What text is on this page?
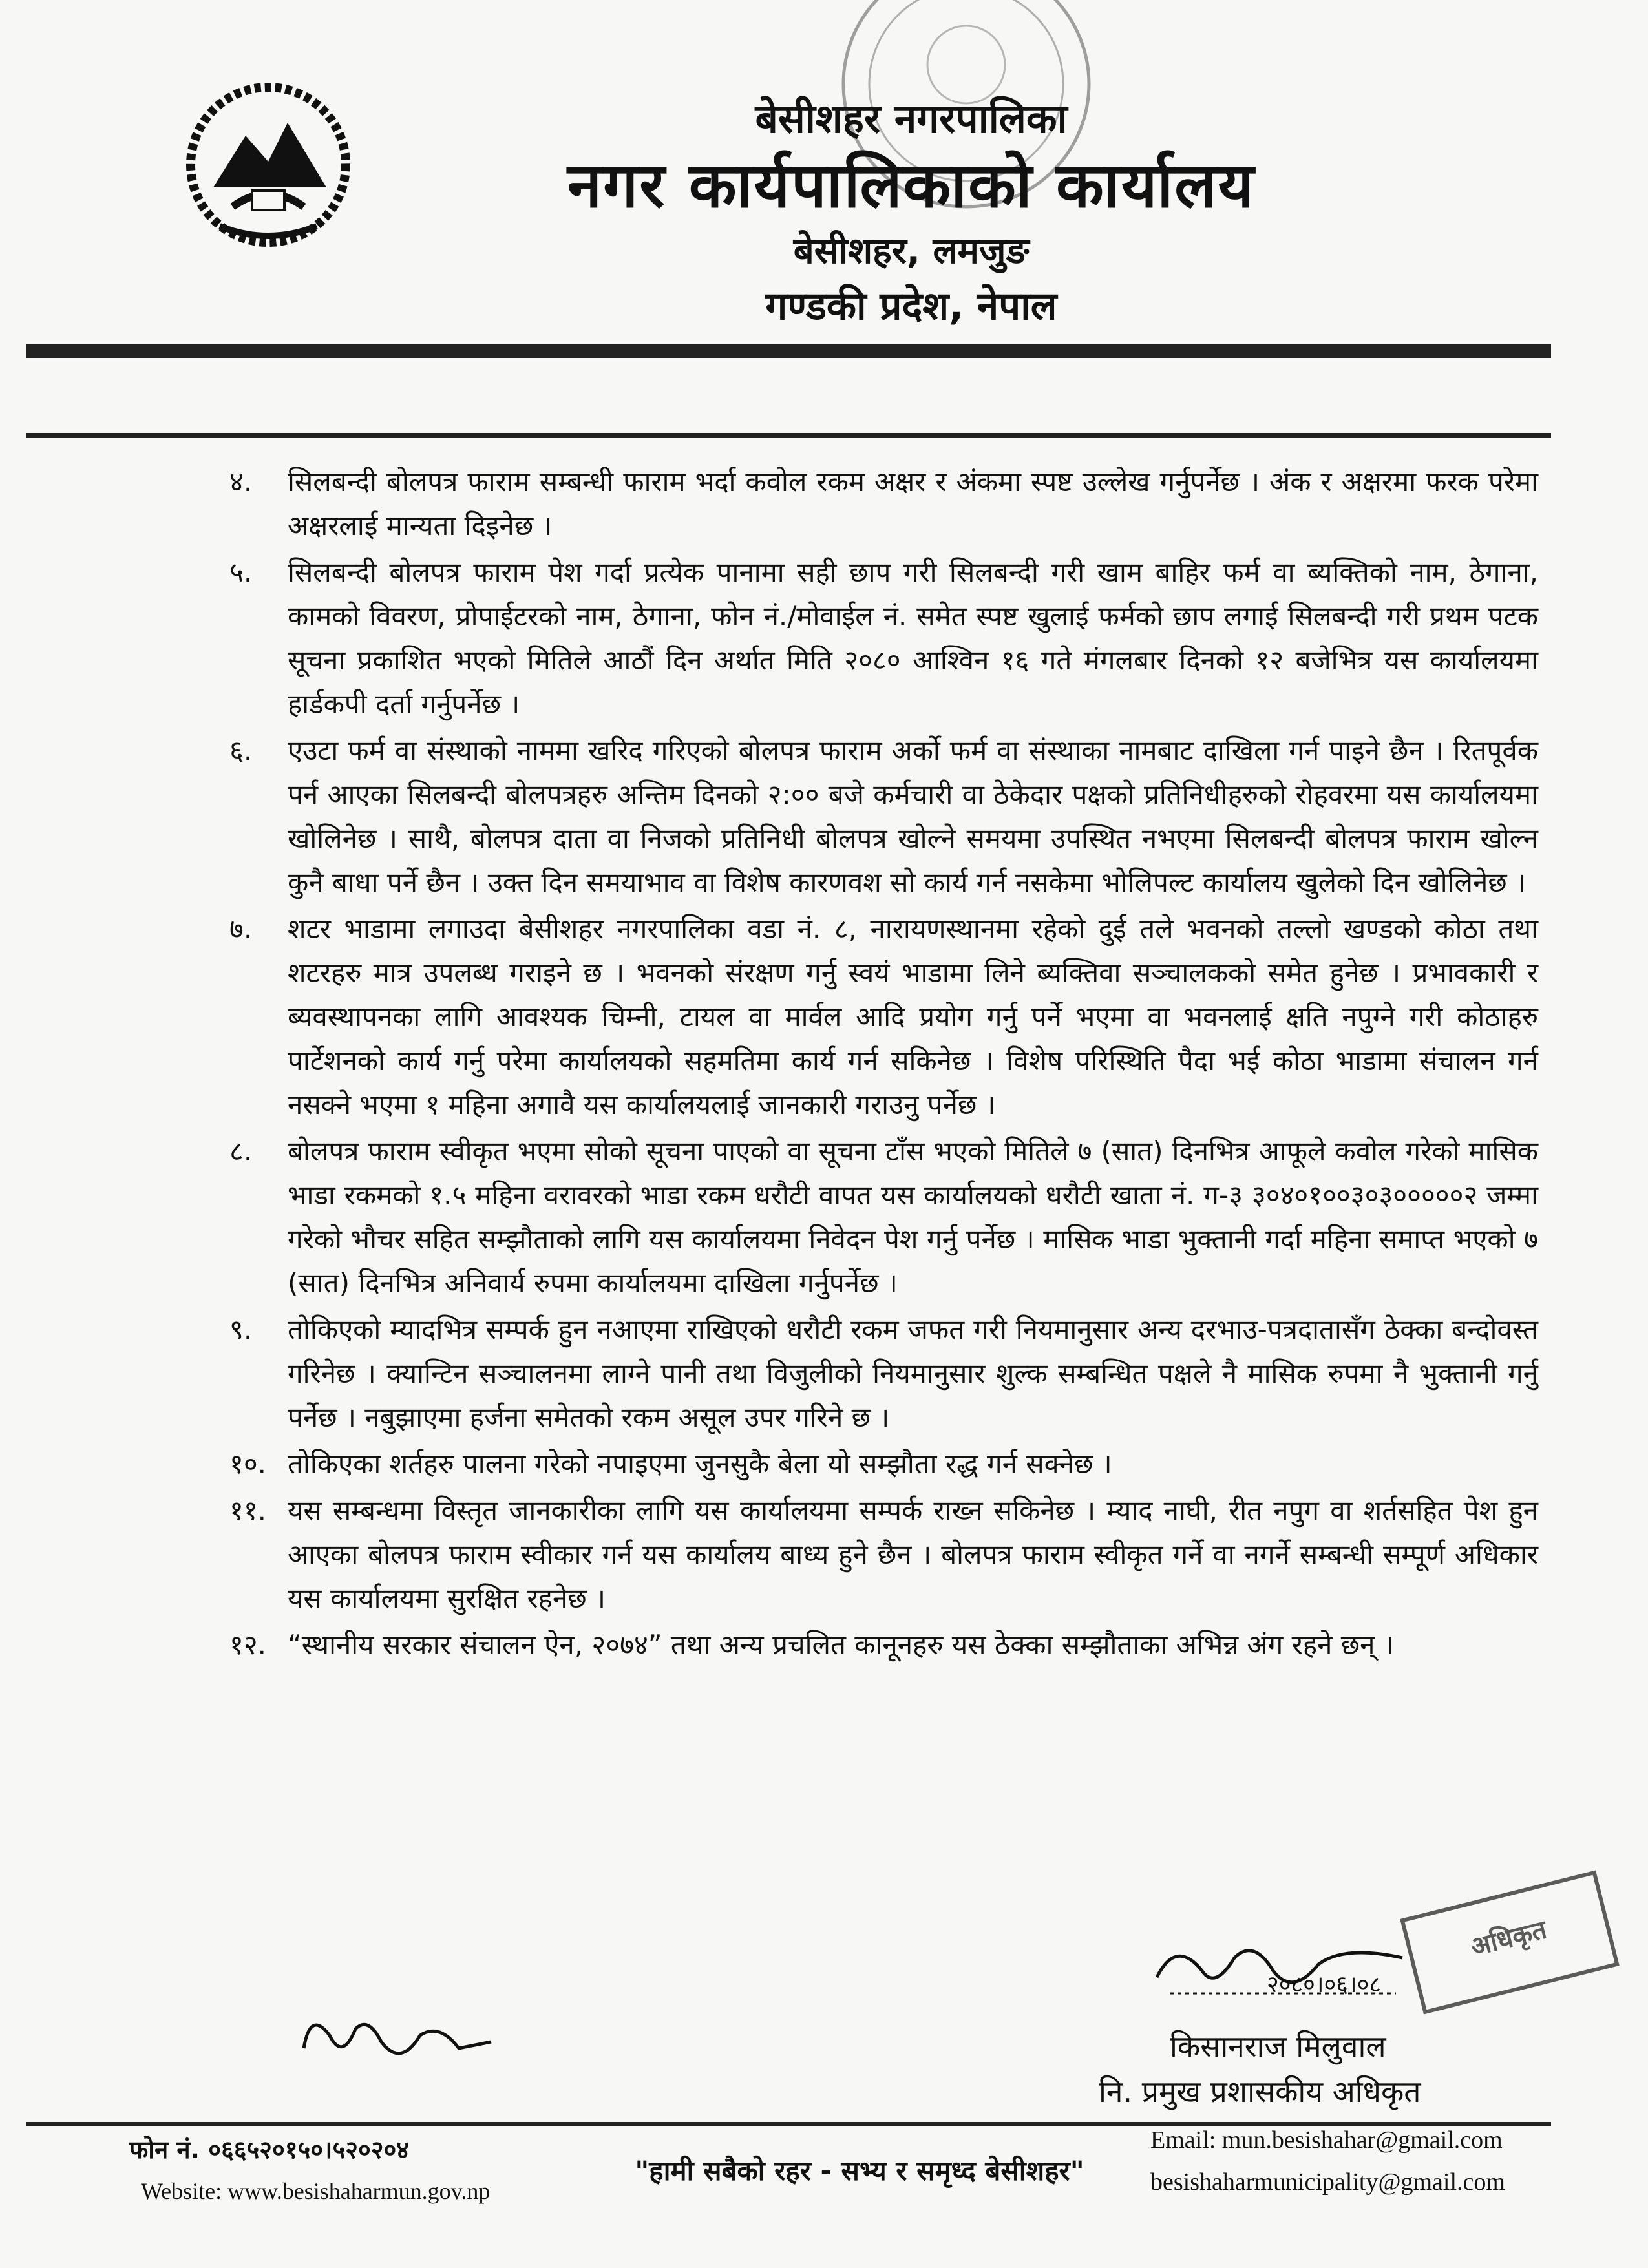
बेसीशहर नगरपालिका
नगर कार्यपालिकाको कार्यालय
बेसीशहर, लमजुङ
गण्डकी प्रदेश, नेपाल
४.	सिलबन्दी बोलपत्र फाराम सम्बन्धी फाराम भर्दा कवोल रकम अक्षर र अंकमा स्पष्ट उल्लेख गर्नुपर्नेछ । अंक र अक्षरमा फरक परेमा अक्षरलाई मान्यता दिइनेछ ।
५.	सिलबन्दी बोलपत्र फाराम पेश गर्दा प्रत्येक पानामा सही छाप गरी सिलबन्दी गरी खाम बाहिर फर्म वा ब्यक्तिको नाम, ठेगाना, कामको विवरण, प्रोपाईटरको नाम, ठेगाना, फोन नं./मोवाईल नं. समेत स्पष्ट खुलाई फर्मको छाप लगाई सिलबन्दी गरी प्रथम पटक सूचना प्रकाशित भएको मितिले आठौं दिन अर्थात मिति २०८० आश्विन १६ गते मंगलबार दिनको १२ बजेभित्र यस कार्यालयमा हार्डकपी दर्ता गर्नुपर्नेछ ।
६.	एउटा फर्म वा संस्थाको नाममा खरिद गरिएको बोलपत्र फाराम अर्को फर्म वा संस्थाका नामबाट दाखिला गर्न पाइने छैन । रितपूर्वक पर्न आएका सिलबन्दी बोलपत्रहरु अन्तिम दिनको २:०० बजे कर्मचारी वा ठेकेदार पक्षको प्रतिनिधीहरुको रोहवरमा यस कार्यालयमा खोलिनेछ । साथै, बोलपत्र दाता वा निजको प्रतिनिधी बोलपत्र खोल्ने समयमा उपस्थित नभएमा सिलबन्दी बोलपत्र फाराम खोल्न कुनै बाधा पर्ने छैन । उक्त दिन समयाभाव वा विशेष कारणवश सो कार्य गर्न नसकेमा भोलिपल्ट कार्यालय खुलेको दिन खोलिनेछ ।
७.	शटर भाडामा लगाउदा बेसीशहर नगरपालिका वडा नं. ८, नारायणस्थानमा रहेको दुई तले भवनको तल्लो खण्डको कोठा तथा शटरहरु मात्र उपलब्ध गराइने छ । भवनको संरक्षण गर्नु स्वयं भाडामा लिने ब्यक्तिवा सञ्चालकको समेत हुनेछ । प्रभावकारी र ब्यवस्थापनका लागि आवश्यक चिम्नी, टायल वा मार्वल आदि प्रयोग गर्नु पर्ने भएमा वा भवनलाई क्षति नपुग्ने गरी कोठाहरु पार्टेशनको कार्य गर्नु परेमा कार्यालयको सहमतिमा कार्य गर्न सकिनेछ । विशेष परिस्थिति पैदा भई कोठा भाडामा संचालन गर्न नसक्ने भएमा १ महिना अगावै यस कार्यालयलाई जानकारी गराउनु पर्नेछ ।
८.	बोलपत्र फाराम स्वीकृत भएमा सोको सूचना पाएको वा सूचना टाँस भएको मितिले ७ (सात) दिनभित्र आफूले कवोल गरेको मासिक भाडा रकमको १.५ महिना वरावरको भाडा रकम धरौटी वापत यस कार्यालयको धरौटी खाता नं. ग-३ ३०४०१००३०३०००००२ जम्मा गरेको भौचर सहित सम्झौताको लागि यस कार्यालयमा निवेदन पेश गर्नु पर्नेछ । मासिक भाडा भुक्तानी गर्दा महिना समाप्त भएको ७ (सात) दिनभित्र अनिवार्य रुपमा कार्यालयमा दाखिला गर्नुपर्नेछ ।
९.	तोकिएको म्यादभित्र सम्पर्क हुन नआएमा राखिएको धरौटी रकम जफत गरी नियमानुसार अन्य दरभाउ-पत्रदातासँग ठेक्का बन्दोवस्त गरिनेछ । क्यान्टिन सञ्चालनमा लाग्ने पानी तथा विजुलीको नियमानुसार शुल्क सम्बन्धित पक्षले नै मासिक रुपमा नै भुक्तानी गर्नु पर्नेछ । नबुझाएमा हर्जना समेतको रकम असूल उपर गरिने छ ।
१०. तोकिएका शर्तहरु पालना गरेको नपाइएमा जुनसुकै बेला यो सम्झौता रद्ध गर्न सक्नेछ ।
११. यस सम्बन्धमा विस्तृत जानकारीका लागि यस कार्यालयमा सम्पर्क राख्न सकिनेछ । म्याद नाघी, रीत नपुग वा शर्तसहित पेश हुन आएका बोलपत्र फाराम स्वीकार गर्न यस कार्यालय बाध्य हुने छैन । बोलपत्र फाराम स्वीकृत गर्ने वा नगर्ने सम्बन्धी सम्पूर्ण अधिकार यस कार्यालयमा सुरक्षित रहनेछ ।
१२. “स्थानीय सरकार संचालन ऐन, २०७४” तथा अन्य प्रचलित कानूनहरु यस ठेक्का सम्झौताका अभिन्न अंग रहने छन् ।
२०८०।०६।०८
अधिकृत
किसानराज मिलुवाल
नि. प्रमुख प्रशासकीय अधिकृत
फोन नं. ०६६५२०१५०।५२०२०४
Website: www.besishaharmun.gov.np
"हामी सबैको रहर - सभ्य र समृध्द बेसीशहर"
Email: mun.besishahar@gmail.com
besishaharmunicipality@gmail.com
